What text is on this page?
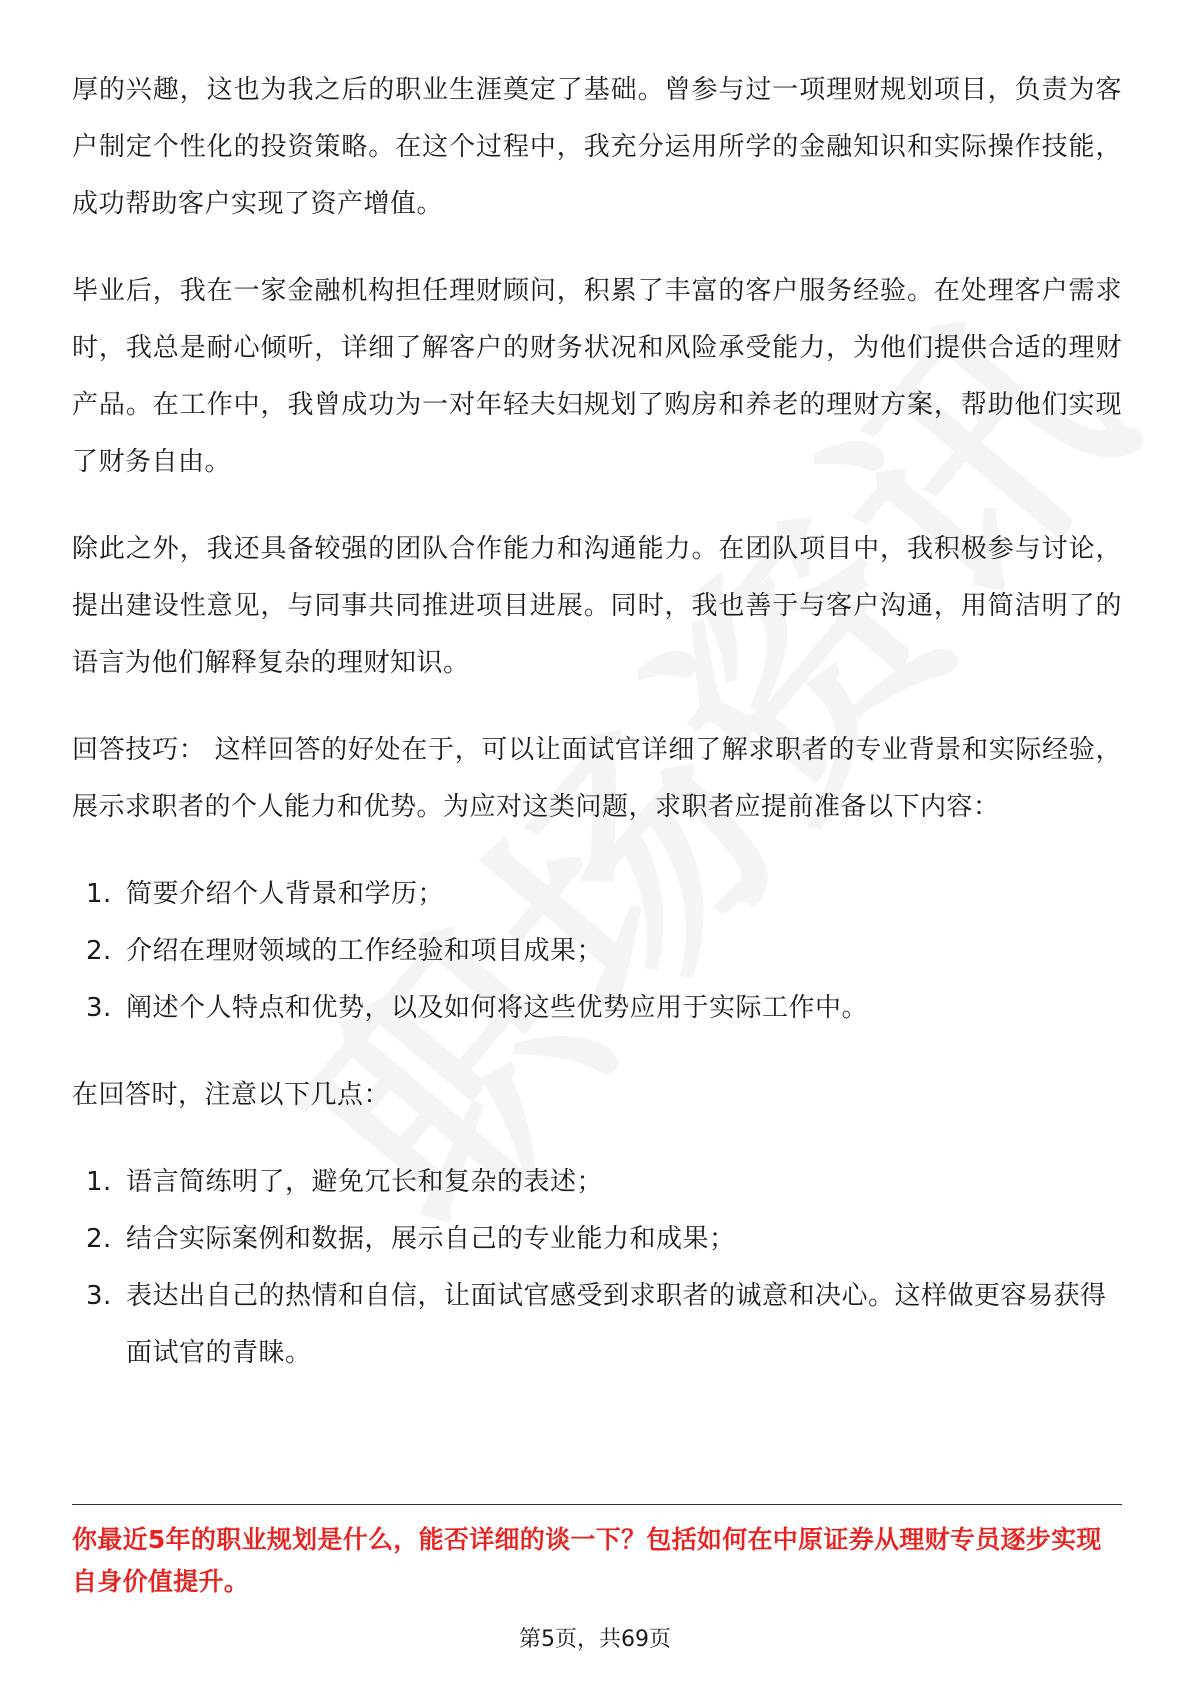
厚的兴趣，这也为我之后的职业生涯奠定了基础。曾参与过一项理财规划项目，负责为客户制定个性化的投资策略。在这个过程中，我充分运用所学的金融知识和实际操作技能，成功帮助客户实现了资产增值。

毕业后，我在一家金融机构担任理财顾问，积累了丰富的客户服务经验。在处理客户需求时，我总是耐心倾听，详细了解客户的财务状况和风险承受能力，为他们提供合适的理财产品。在工作中，我曾成功为一对年轻夫妇规划了购房和养老的理财方案，帮助他们实现了财务自由。

除此之外，我还具备较强的团队合作能力和沟通能力。在团队项目中，我积极参与讨论，提出建设性意见，与同事共同推进项目进展。同时，我也善于与客户沟通，用简洁明了的语言为他们解释复杂的理财知识。

回答技巧： 这样回答的好处在于，可以让面试官详细了解求职者的专业背景和实际经验，展示求职者的个人能力和优势。为应对这类问题，求职者应提前准备以下内容：

1. 简要介绍个人背景和学历；
2. 介绍在理财领域的工作经验和项目成果；
3. 阐述个人特点和优势，以及如何将这些优势应用于实际工作中。

在回答时，注意以下几点：

1. 语言简练明了，避免冗长和复杂的表述；
2. 结合实际案例和数据，展示自己的专业能力和成果；
3. 表达出自己的热情和自信，让面试官感受到求职者的诚意和决心。这样做更容易获得面试官的青睐。
你最近5年的职业规划是什么，能否详细的谈一下？包括如何在中原证券从理财专员逐步实现自身价值提升。
第5页，共69页
